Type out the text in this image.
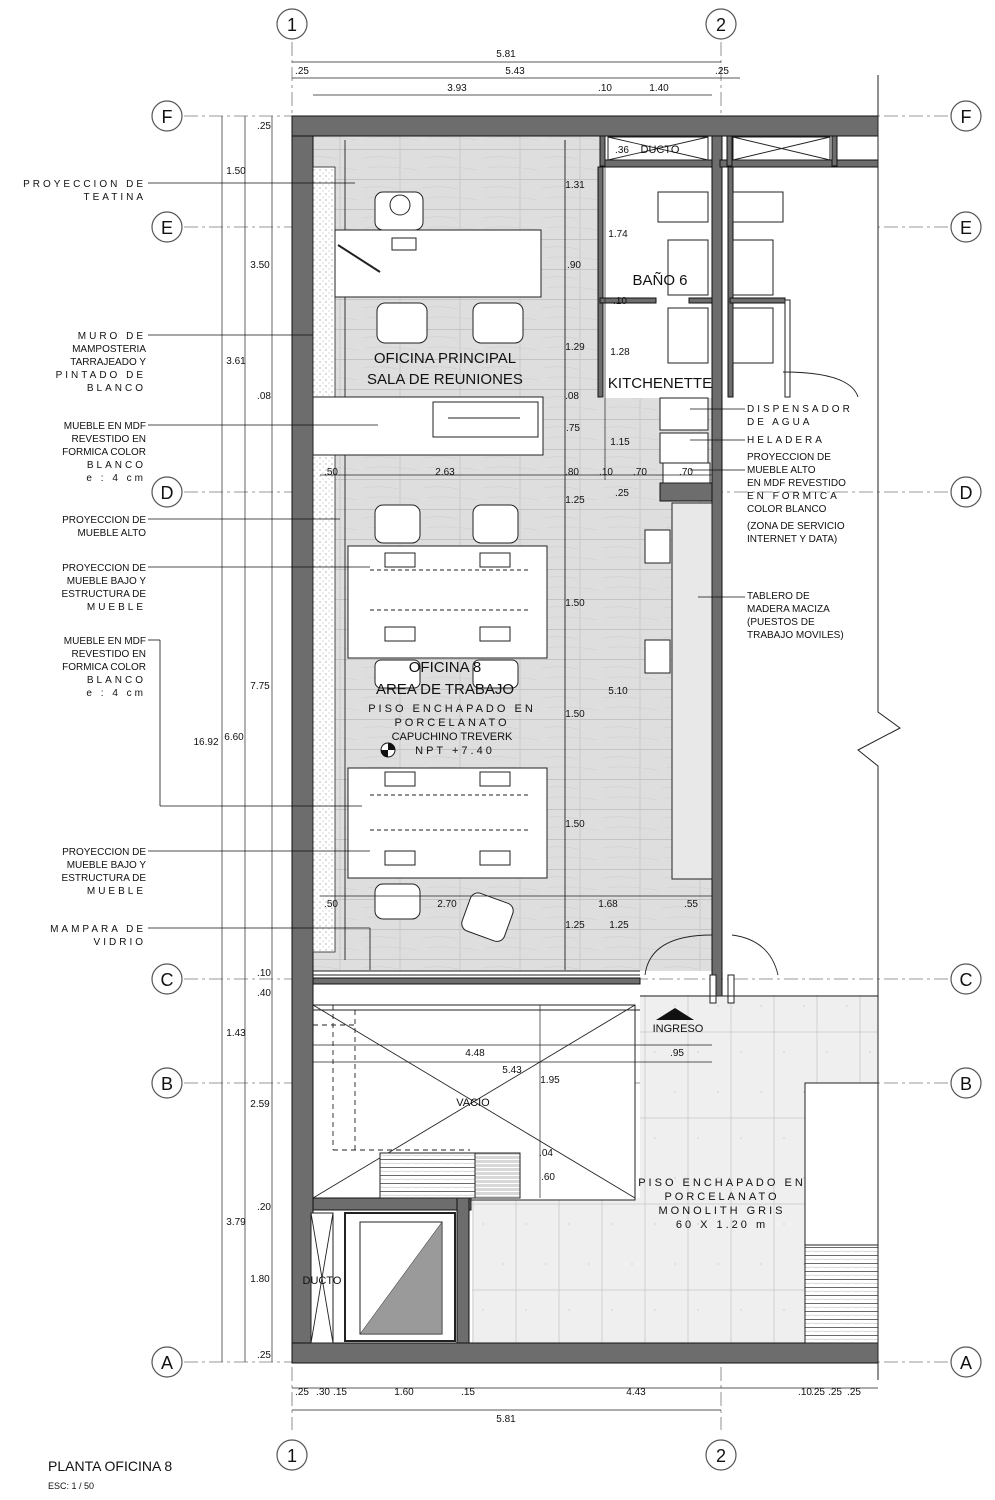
1	2
1	2
F
E
D
C
B
A
F
E
D
C
B
A
OFICINA PRINCIPAL
SALA DE REUNIONES
BAÑO 6
KITCHENETTE
OFICINA 8
AREA DE TRABAJO
PISO ENCHAPADO EN
PORCELANATO
CAPUCHINO TREVERK
NPT +7.40
VACIO
INGRESO
DUCTO
DUCTO
PISO ENCHAPADO EN
PORCELANATO
MONOLITH GRIS
60 X 1.20 m
PROYECCION DE
TEATINA
MURO DE
MAMPOSTERIA
TARRAJEADO Y
PINTADO DE
BLANCO
MUEBLE EN MDF
REVESTIDO EN
FORMICA COLOR
BLANCO
e : 4 cm
PROYECCION DE
MUEBLE ALTO
PROYECCION DE
MUEBLE BAJO Y
ESTRUCTURA DE
MUEBLE
MUEBLE EN MDF
REVESTIDO EN
FORMICA COLOR
BLANCO
e : 4 cm
PROYECCION DE
MUEBLE BAJO Y
ESTRUCTURA DE
MUEBLE
MAMPARA DE
VIDRIO
DISPENSADOR
DE AGUA
HELADERA
PROYECCION DE
MUEBLE ALTO
EN MDF REVESTIDO
EN FORMICA
COLOR BLANCO
(ZONA DE SERVICIO
INTERNET Y DATA)
TABLERO DE
MADERA MACIZA
(PUESTOS DE
TRABAJO MOVILES)
5.81
5.43
.25	.25
3.93	.10	1.40
.25
1.50
3.50
3.61
.08
7.75
16.92 6.60
.10
.40
1.43
2.59
.20
3.79
1.80
.25
.36
1.31
1.74
.90
.10
1.29	1.28
.08
.75
1.15
.50	2.63	.80 .10 .70	.70
1.25
.25
1.50
5.10
1.50
1.50
.50	2.70	1.68	.55
1.25 1.25
4.48	.95
5.43
1.95
.04
.60
.25 .30 .15	1.60	.15	4.43	.10 .25 .25 .25
5.81
PLANTA OFICINA 8
ESC: 1 / 50
